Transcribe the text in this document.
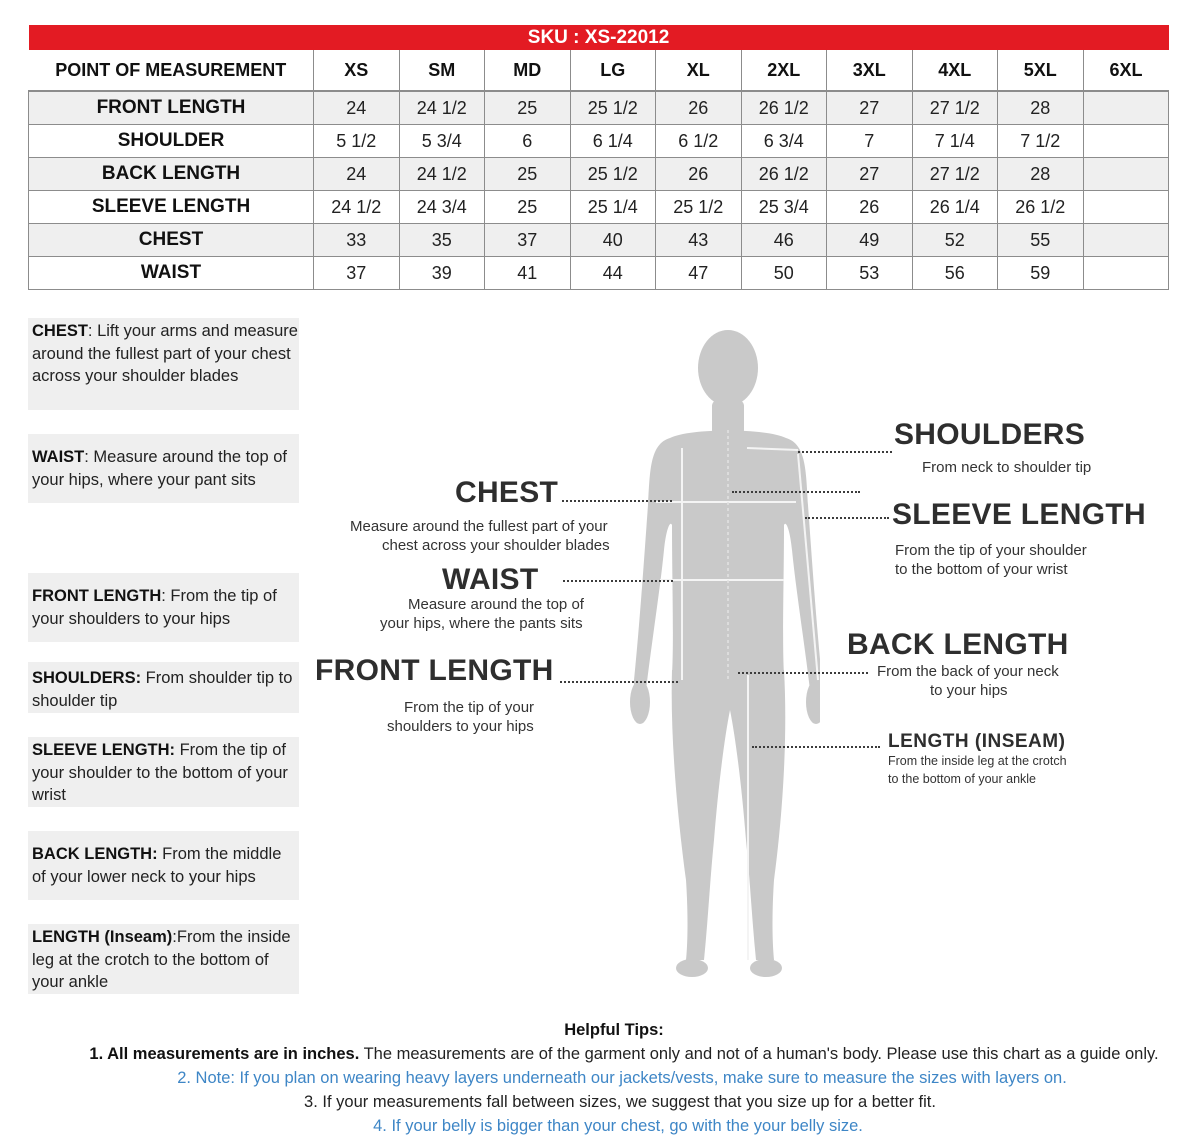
SKU : XS-22012										
POINT OF MEASUREMENT	XS	SM	MD	LG	XL	2XL	3XL	4XL	5XL	6XL
FRONT LENGTH	24	24 1/2	25	25 1/2	26	26 1/2	27	27 1/2	28	
SHOULDER	5 1/2	5 3/4	6	6 1/4	6 1/2	6 3/4	7	7 1/4	7 1/2	
BACK LENGTH	24	24 1/2	25	25 1/2	26	26 1/2	27	27 1/2	28	
SLEEVE LENGTH	24 1/2	24 3/4	25	25 1/4	25 1/2	25 3/4	26	26 1/4	26 1/2	
CHEST	33	35	37	40	43	46	49	52	55	
WAIST	37	39	41	44	47	50	53	56	59	
CHEST: Lift your arms and measure around the fullest part of your chest across your shoulder blades
WAIST: Measure around the top of your hips, where your pant sits
FRONT LENGTH: From the tip of your shoulders to your hips
SHOULDERS: From shoulder tip to shoulder tip
SLEEVE LENGTH: From the tip of your shoulder to the bottom of your wrist
BACK LENGTH: From the middle of your lower neck to your hips
LENGTH (Inseam):From the inside leg at the crotch to the bottom of your ankle
SHOULDERS
From neck to shoulder tip
CHEST
Measure around the fullest part of your
chest across your shoulder blades
SLEEVE LENGTH
From the tip of your shoulder
to the bottom of your wrist
WAIST
Measure around the top of
your hips, where the pants sits
BACK LENGTH
From the back of your neck
to your hips
FRONT LENGTH
From the tip of your
shoulders to your hips
LENGTH (INSEAM)
From the inside leg at the crotch
to the bottom of your ankle
Helpful Tips:
1. All measurements are in inches. The measurements are of the garment only and not of a human's body. Please use this chart as a guide only.
2. Note: If you plan on wearing heavy layers underneath our jackets/vests, make sure to measure the sizes with layers on.
3. If your measurements fall between sizes, we suggest that you size up for a better fit.
4. If your belly is bigger than your chest, go with the your belly size.
